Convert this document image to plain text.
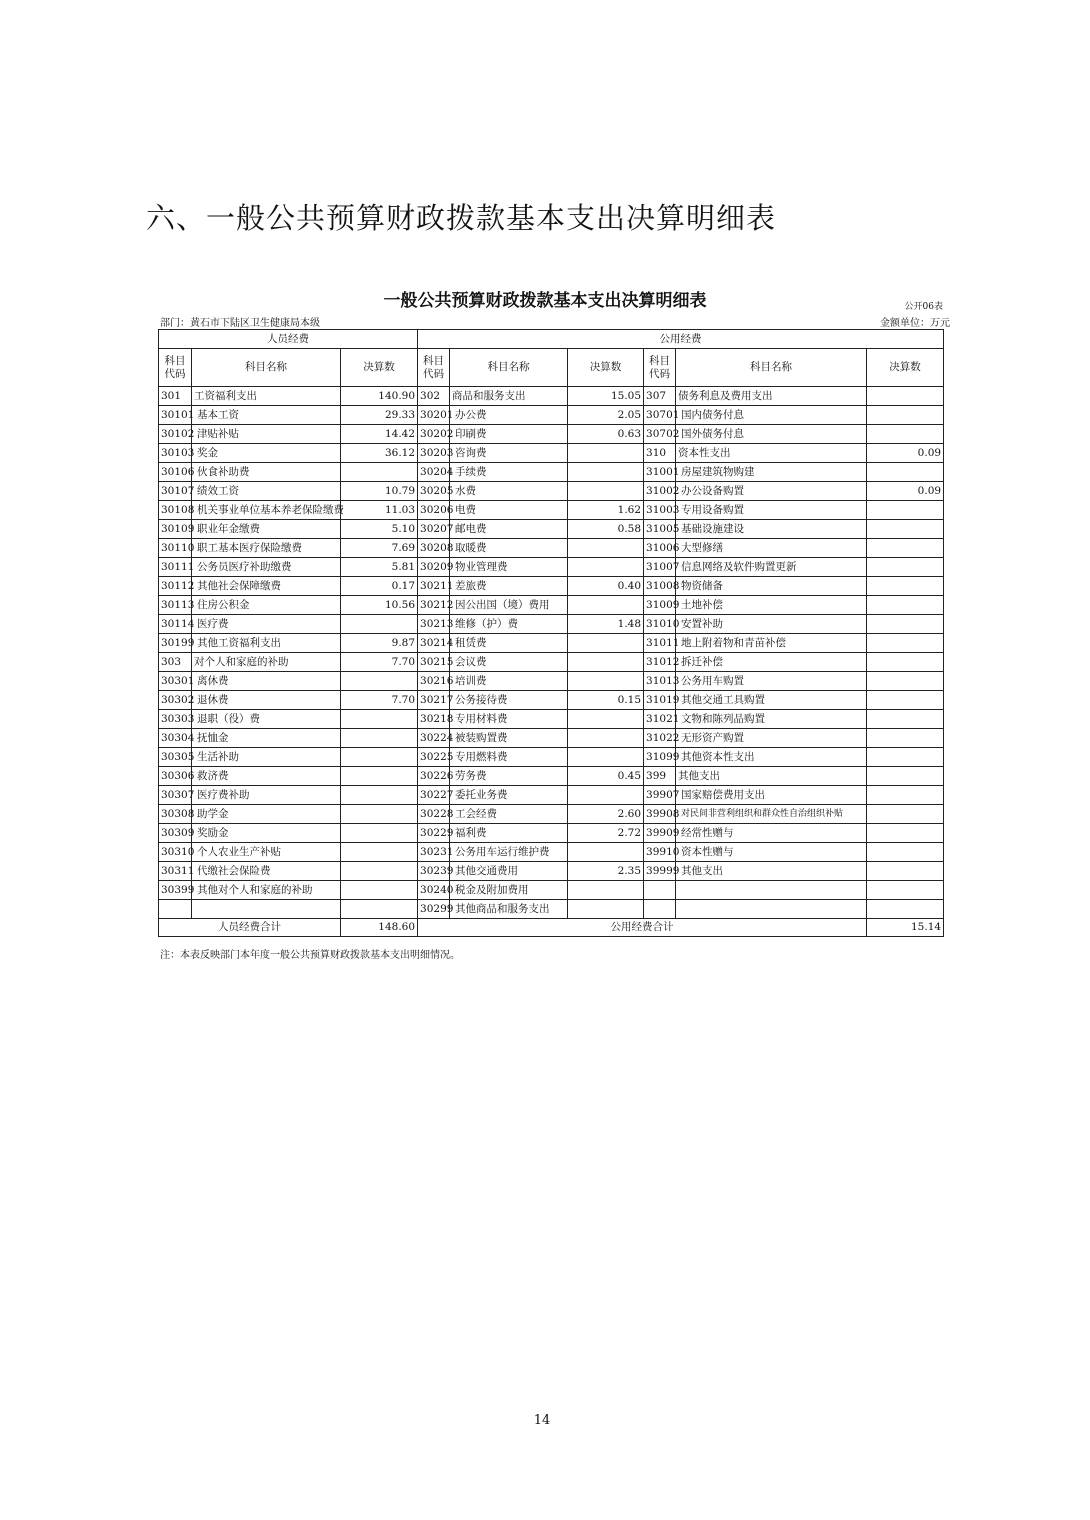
六、一般公共预算财政拨款基本支出决算明细表
一般公共预算财政拨款基本支出决算明细表	公开06表
部门：黄石市下陆区卫生健康局本级	金额单位：万元
人员经费			公用经费					
科目代码	科目名称	决算数	科目代码	科目名称	决算数	科目代码	科目名称	决算数
301	工资福利支出	140.90	302	商品和服务支出	15.05	307	债务利息及费用支出	
30101	基本工资	29.33	30201	办公费	2.05	30701	国内债务付息	
30102	津贴补贴	14.42	30202	印刷费	0.63	30702	国外债务付息	
30103	奖金	36.12	30203	咨询费		310	资本性支出	0.09
30106	伙食补助费		30204	手续费		31001	房屋建筑物购建	
30107	绩效工资	10.79	30205	水费		31002	办公设备购置	0.09
30108	机关事业单位基本养老保险缴费	11.03	30206	电费	1.62	31003	专用设备购置	
30109	职业年金缴费	5.10	30207	邮电费	0.58	31005	基础设施建设	
30110	职工基本医疗保险缴费	7.69	30208	取暖费		31006	大型修缮	
30111	公务员医疗补助缴费	5.81	30209	物业管理费		31007	信息网络及软件购置更新	
30112	其他社会保障缴费	0.17	30211	差旅费	0.40	31008	物资储备	
30113	住房公积金	10.56	30212	因公出国（境）费用		31009	土地补偿	
30114	医疗费		30213	维修（护）费	1.48	31010	安置补助	
30199	其他工资福利支出	9.87	30214	租赁费		31011	地上附着物和青苗补偿	
303	对个人和家庭的补助	7.70	30215	会议费		31012	拆迁补偿	
30301	离休费		30216	培训费		31013	公务用车购置	
30302	退休费	7.70	30217	公务接待费	0.15	31019	其他交通工具购置	
30303	退职（役）费		30218	专用材料费		31021	文物和陈列品购置	
30304	抚恤金		30224	被装购置费		31022	无形资产购置	
30305	生活补助		30225	专用燃料费		31099	其他资本性支出	
30306	救济费		30226	劳务费	0.45	399	其他支出	
30307	医疗费补助		30227	委托业务费		39907	国家赔偿费用支出	
30308	助学金		30228	工会经费	2.60	39908	对民间非营利组织和群众性自治组织补贴	
30309	奖励金		30229	福利费	2.72	39909	经常性赠与	
30310	个人农业生产补贴		30231	公务用车运行维护费		39910	资本性赠与	
30311	代缴社会保险费		30239	其他交通费用	2.35	39999	其他支出	
30399	其他对个人和家庭的补助		30240	税金及附加费用				
			30299	其他商品和服务支出				
人员经费合计		148.60	公用经费合计					15.14
注：本表反映部门本年度一般公共预算财政拨款基本支出明细情况。
14
